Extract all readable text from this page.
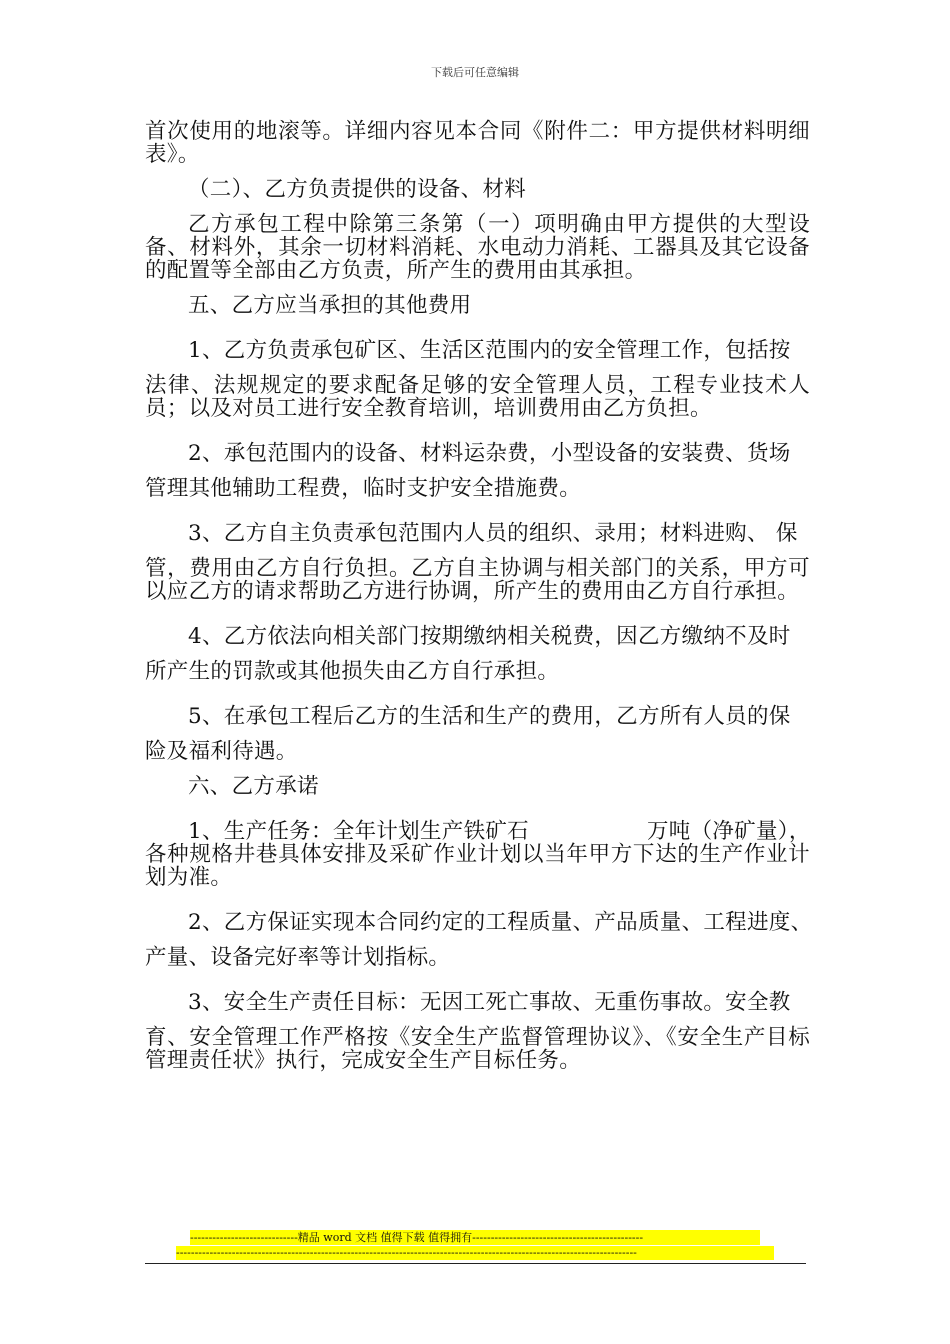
下载后可任意编辑

首次使用的地滚等。详细内容见本合同《附件二：甲方提供材料明细表》。

（二）、乙方负责提供的设备、材料

乙方承包工程中除第三条第（一）项明确由甲方提供的大型设备、材料外，其余一切材料消耗、水电动力消耗、工器具及其它设备的配置等全部由乙方负责，所产生的费用由其承担。

五、乙方应当承担的其他费用

1、乙方负责承包矿区、生活区范围内的安全管理工作，包括按
法律、法规规定的要求配备足够的安全管理人员，工程专业技术人员；以及对员工进行安全教育培训，培训费用由乙方负担。
2、承包范围内的设备、材料运杂费，小型设备的安装费、货场
管理其他辅助工程费，临时支护安全措施费。
3、乙方自主负责承包范围内人员的组织、录用；材料进购、 保
管，费用由乙方自行负担。乙方自主协调与相关部门的关系，甲方可以应乙方的请求帮助乙方进行协调，所产生的费用由乙方自行承担。
4、乙方依法向相关部门按期缴纳相关税费，因乙方缴纳不及时
所产生的罚款或其他损失由乙方自行承担。
5、在承包工程后乙方的生活和生产的费用，乙方所有人员的保
险及福利待遇。

六、乙方承诺

1、生产任务：全年计划生产铁矿石	万吨（净矿量），
各种规格井巷具体安排及采矿作业计划以当年甲方下达的生产作业计划为准。
2、乙方保证实现本合同约定的工程质量、产品质量、工程进度、
产量、设备完好率等计划指标。
3、安全生产责任目标：无因工死亡事故、无重伤事故。安全教
育、安全管理工作严格按《安全生产监督管理协议》、《安全生产目标管理责任状》执行，完成安全生产目标任务。
-----------------------------精品 word 文档 值得下载 值得拥有----------------------------------------------
----------------------------------------------------------------------------------------------------------------------------
